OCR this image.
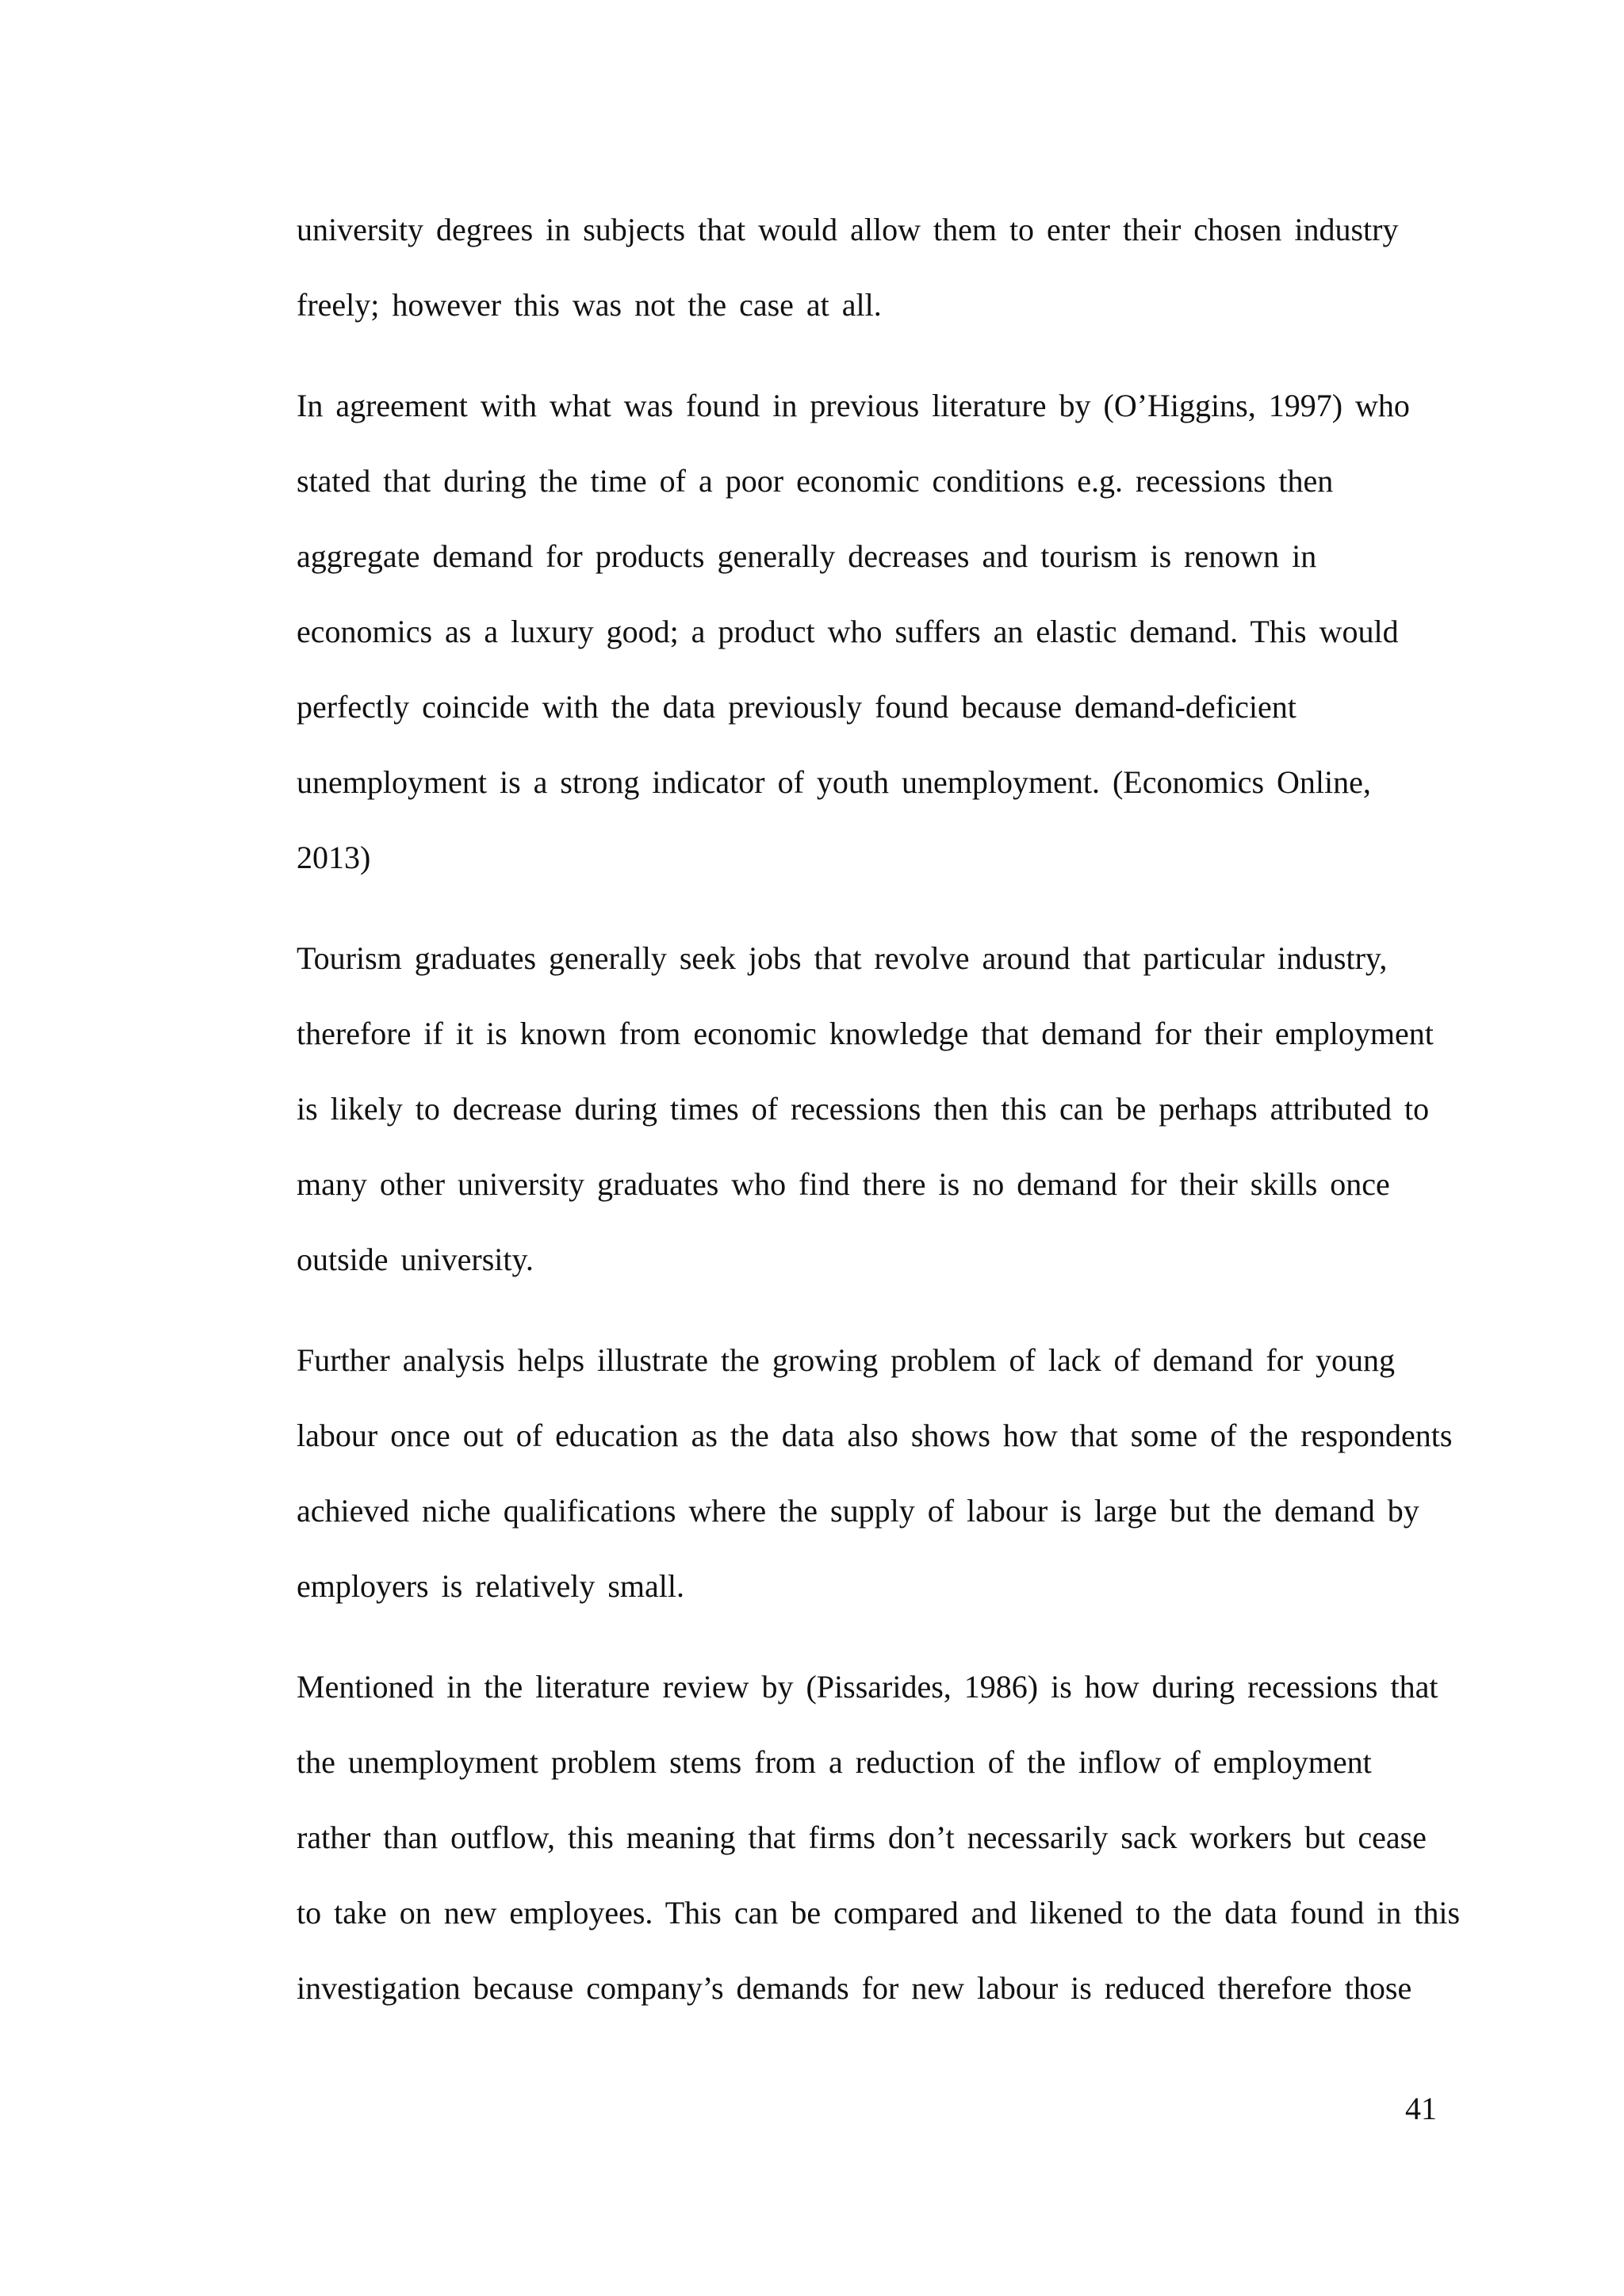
university degrees in subjects that would allow them to enter their chosen industry
freely; however this was not the case at all.
In agreement with what was found in previous literature by (O’Higgins, 1997) who
stated that during the time of a poor economic conditions e.g. recessions then
aggregate demand for products generally decreases and tourism is renown in
economics as a luxury good; a product who suffers an elastic demand. This would
perfectly coincide with the data previously found because demand-deficient
unemployment is a strong indicator of youth unemployment. (Economics Online,
2013)
Tourism graduates generally seek jobs that revolve around that particular industry,
therefore if it is known from economic knowledge that demand for their employment
is likely to decrease during times of recessions then this can be perhaps attributed to
many other university graduates who find there is no demand for their skills once
outside university.
Further analysis helps illustrate the growing problem of lack of demand for young
labour once out of education as the data also shows how that some of the respondents
achieved niche qualifications where the supply of labour is large but the demand by
employers is relatively small.
Mentioned in the literature review by (Pissarides, 1986) is how during recessions that
the unemployment problem stems from a reduction of the inflow of employment
rather than outflow, this meaning that firms don’t necessarily sack workers but cease
to take on new employees. This can be compared and likened to the data found in this
investigation because company’s demands for new labour is reduced therefore those
41
